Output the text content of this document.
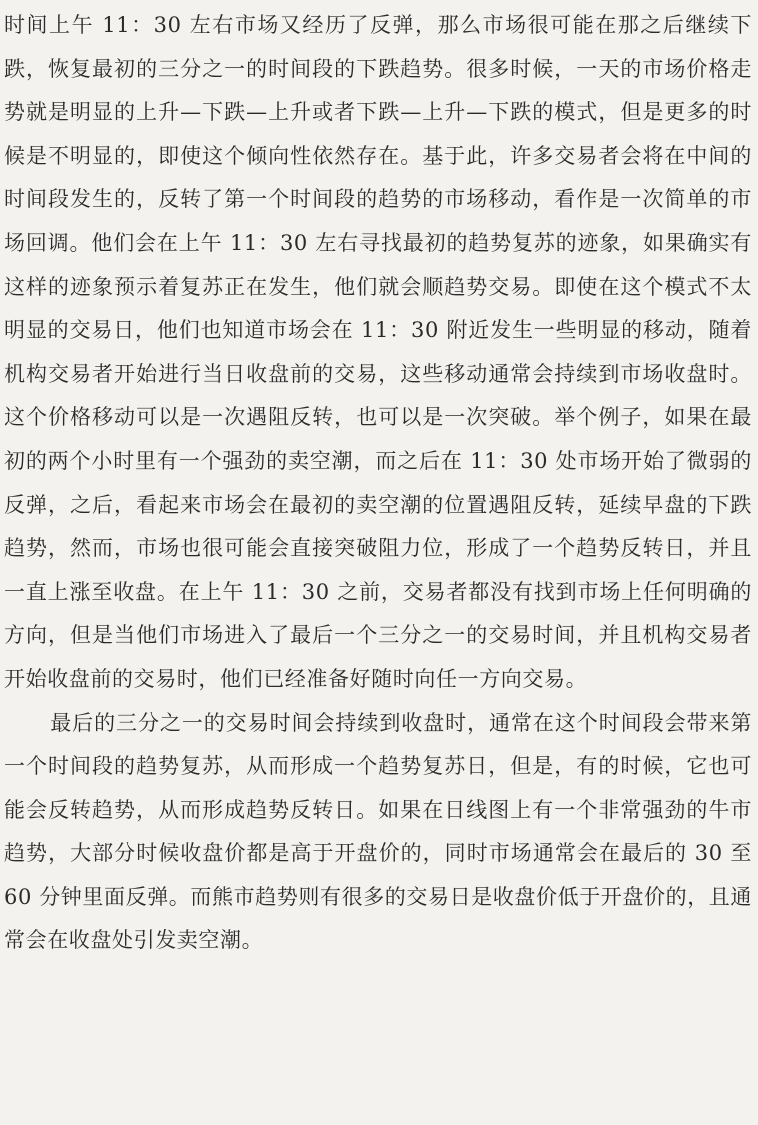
时间上午 11：30 左右市场又经历了反弹，那么市场很可能在那之后继续下跌，恢复最初的三分之一的时间段的下跌趋势。很多时候，一天的市场价格走势就是明显的上升—下跌—上升或者下跌—上升—下跌的模式，但是更多的时候是不明显的，即使这个倾向性依然存在。基于此，许多交易者会将在中间的时间段发生的，反转了第一个时间段的趋势的市场移动，看作是一次简单的市场回调。他们会在上午 11：30 左右寻找最初的趋势复苏的迹象，如果确实有这样的迹象预示着复苏正在发生，他们就会顺趋势交易。即使在这个模式不太明显的交易日，他们也知道市场会在 11：30 附近发生一些明显的移动，随着机构交易者开始进行当日收盘前的交易，这些移动通常会持续到市场收盘时。这个价格移动可以是一次遇阻反转，也可以是一次突破。举个例子，如果在最初的两个小时里有一个强劲的卖空潮，而之后在 11：30 处市场开始了微弱的反弹，之后，看起来市场会在最初的卖空潮的位置遇阻反转，延续早盘的下跌趋势，然而，市场也很可能会直接突破阻力位，形成了一个趋势反转日，并且一直上涨至收盘。在上午 11：30 之前，交易者都没有找到市场上任何明确的方向，但是当他们市场进入了最后一个三分之一的交易时间，并且机构交易者开始收盘前的交易时，他们已经准备好随时向任一方向交易。

最后的三分之一的交易时间会持续到收盘时，通常在这个时间段会带来第一个时间段的趋势复苏，从而形成一个趋势复苏日，但是，有的时候，它也可能会反转趋势，从而形成趋势反转日。如果在日线图上有一个非常强劲的牛市趋势，大部分时候收盘价都是高于开盘价的，同时市场通常会在最后的 30 至 60 分钟里面反弹。而熊市趋势则有很多的交易日是收盘价低于开盘价的，且通常会在收盘处引发卖空潮。
